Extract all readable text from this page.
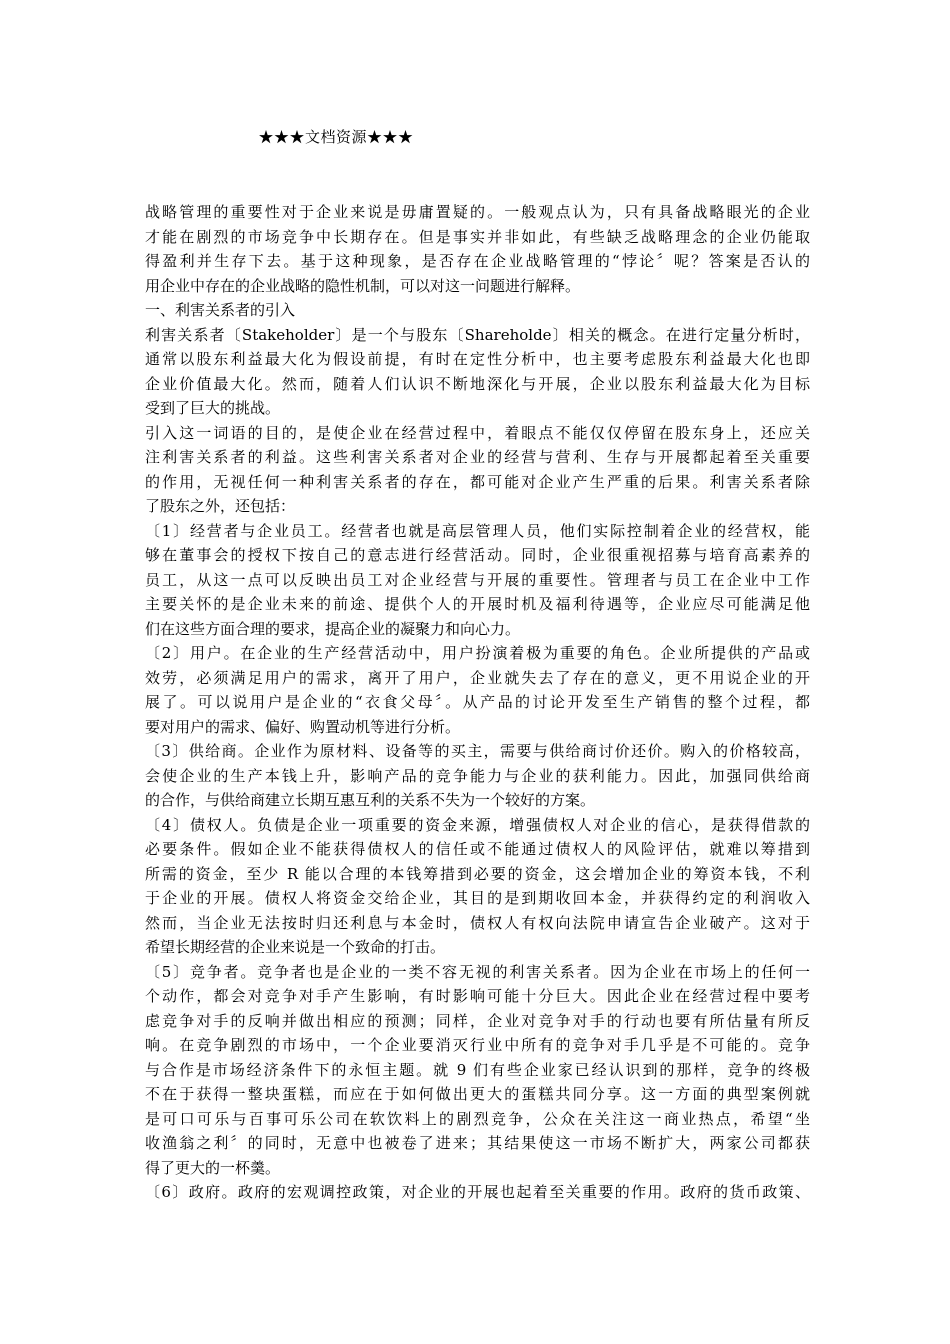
★★★文档资源★★★
战略管理的重要性对于企业来说是毋庸置疑的。一般观点认为，只有具备战略眼光的企业
才能在剧烈的市场竞争中长期存在。但是事实并非如此，有些缺乏战略理念的企业仍能取
得盈利并生存下去。基于这种现象，是否存在企业战略管理的“悖论〞呢？答案是否认的
用企业中存在的企业战略的隐性机制，可以对这一问题进行解释。
一、利害关系者的引入
利害关系者〔Stakeholder〕是一个与股东〔Shareholde〕相关的概念。在进行定量分析时，
通常以股东利益最大化为假设前提，有时在定性分析中，也主要考虑股东利益最大化也即
企业价值最大化。然而，随着人们认识不断地深化与开展，企业以股东利益最大化为目标
受到了巨大的挑战。
引入这一词语的目的，是使企业在经营过程中，着眼点不能仅仅停留在股东身上，还应关
注利害关系者的利益。这些利害关系者对企业的经营与营利、生存与开展都起着至关重要
的作用，无视任何一种利害关系者的存在，都可能对企业产生严重的后果。利害关系者除
了股东之外，还包括：
〔1〕经营者与企业员工。经营者也就是高层管理人员，他们实际控制着企业的经营权，能
够在董事会的授权下按自己的意志进行经营活动。同时，企业很重视招募与培育高素养的
员工，从这一点可以反映出员工对企业经营与开展的重要性。管理者与员工在企业中工作
主要关怀的是企业未来的前途、提供个人的开展时机及福利待遇等，企业应尽可能满足他
们在这些方面合理的要求，提高企业的凝聚力和向心力。
〔2〕用户。在企业的生产经营活动中，用户扮演着极为重要的角色。企业所提供的产品或
效劳，必须满足用户的需求，离开了用户，企业就失去了存在的意义，更不用说企业的开
展了。可以说用户是企业的“衣食父母〞。从产品的讨论开发至生产销售的整个过程，都
要对用户的需求、偏好、购置动机等进行分析。
〔3〕供给商。企业作为原材料、设备等的买主，需要与供给商讨价还价。购入的价格较高，
会使企业的生产本钱上升，影响产品的竞争能力与企业的获利能力。因此，加强同供给商
的合作，与供给商建立长期互惠互利的关系不失为一个较好的方案。
〔4〕债权人。负债是企业一项重要的资金来源，增强债权人对企业的信心，是获得借款的
必要条件。假如企业不能获得债权人的信任或不能通过债权人的风险评估，就难以筹措到
所需的资金，至少 R 能以合理的本钱筹措到必要的资金，这会增加企业的筹资本钱，不利
于企业的开展。债权人将资金交给企业，其目的是到期收回本金，并获得约定的利润收入
然而，当企业无法按时归还利息与本金时，债权人有权向法院申请宣告企业破产。这对于
希望长期经营的企业来说是一个致命的打击。
〔5〕竞争者。竞争者也是企业的一类不容无视的利害关系者。因为企业在市场上的任何一
个动作，都会对竞争对手产生影响，有时影响可能十分巨大。因此企业在经营过程中要考
虑竞争对手的反响并做出相应的预测；同样，企业对竞争对手的行动也要有所估量有所反
响。在竞争剧烈的市场中，一个企业要消灭行业中所有的竞争对手几乎是不可能的。竞争
与合作是市场经济条件下的永恒主题。就 9 们有些企业家已经认识到的那样，竞争的终极
不在于获得一整块蛋糕，而应在于如何做出更大的蛋糕共同分享。这一方面的典型案例就
是可口可乐与百事可乐公司在软饮料上的剧烈竞争，公众在关注这一商业热点，希望“坐
收渔翁之利〞的同时，无意中也被卷了进来；其结果使这一市场不断扩大，两家公司都获
得了更大的一杯羹。
〔6〕政府。政府的宏观调控政策，对企业的开展也起着至关重要的作用。政府的货币政策、
